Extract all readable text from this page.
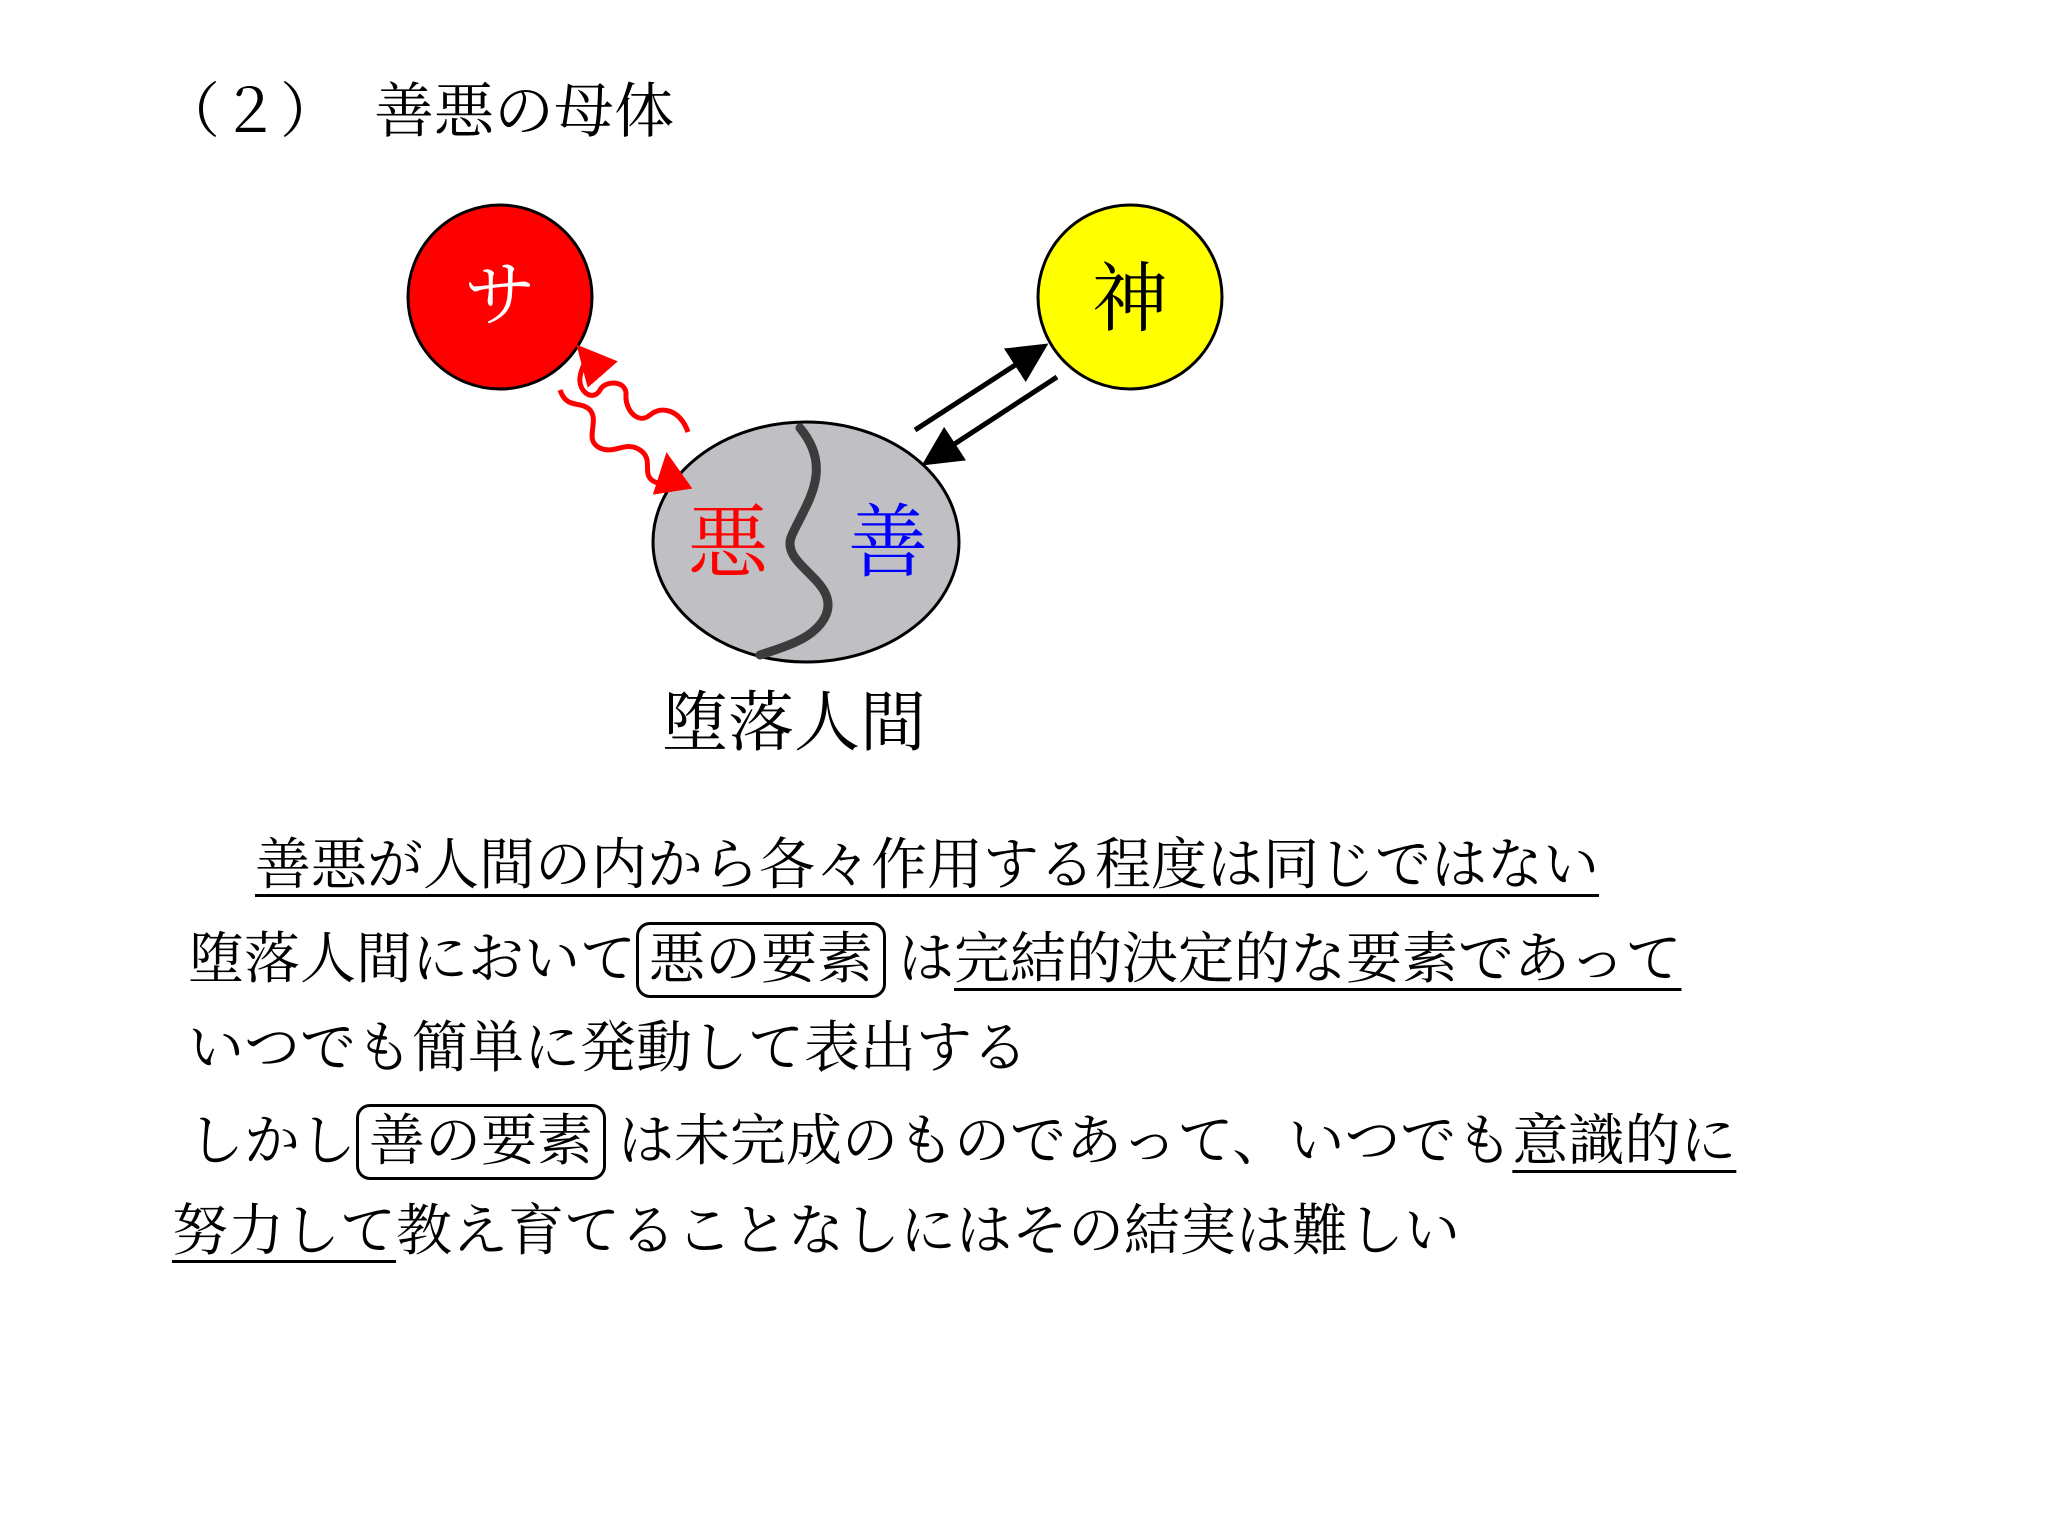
（２） 善悪の母体
サ	神
悪 善
堕落人間
善悪が人間の内から各々作用する程度は同じではない
堕落人間において 悪の要素 は完結的決定的な要素であって
いつでも簡単に発動して表出する
しかし 善の要素 は未完成のものであって、いつでも意識的に
努力して教え育てることなしにはその結実は難しい
